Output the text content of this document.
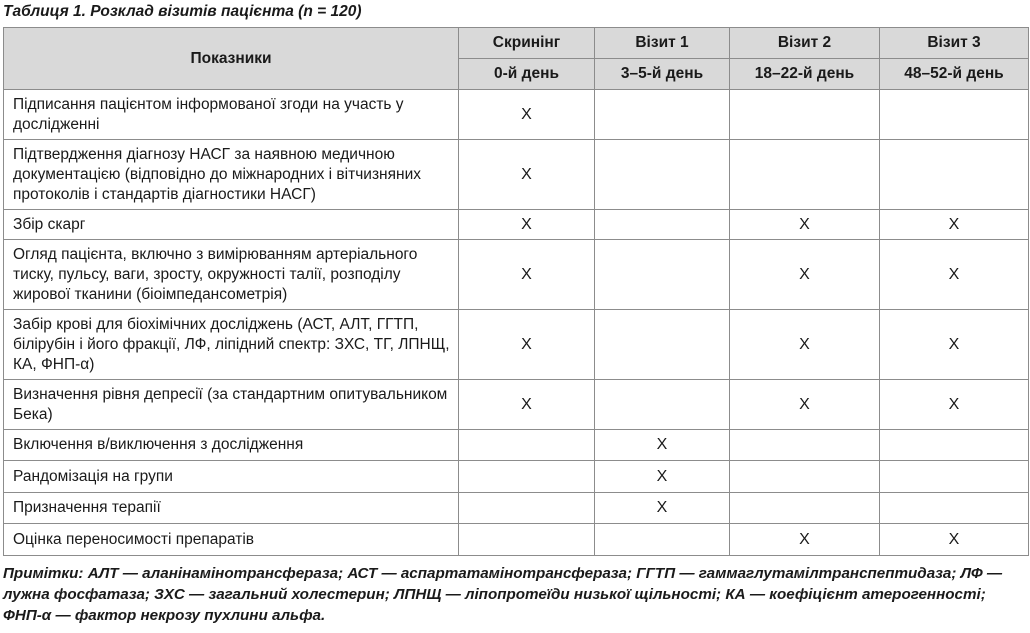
Таблиця 1. Розклад візитів пацієнта (n = 120)
Показники	Скринінг	Візит 1	Візит 2	Візит 3
	0-й день	3–5-й день	18–22-й день	48–52-й день
Підписання пацієнтом інформованої згоди на участь у дослідженні	X			
Підтвердження діагнозу НАСГ за наявною медичною документацією (відповідно до міжнародних і вітчизняних протоколів і стандартів діагностики НАСГ)	X			
Збір скарг	X		X	X
Огляд пацієнта, включно з вимірюванням артеріального тиску, пульсу, ваги, зросту, окружності талії, розподілу жирової тканини (біоімпедансометрія)	X		X	X
Забір крові для біохімічних досліджень (АСТ, АЛТ, ГГТП, білірубін і його фракції, ЛФ, ліпідний спектр: ЗХС, ТГ, ЛПНЩ, КА, ФНП-α)	X		X	X
Визначення рівня депресії (за стандартним опитувальником Бека)	X		X	X
Включення в/виключення з дослідження		X		
Рандомізація на групи		X		
Призначення терапії		X		
Оцінка переносимості препаратів			X	X
Примітки: АЛТ — аланінамінотрансфераза; АСТ — аспартатамінотрансфераза; ГГТП — гаммаглутамілтранспептидаза; ЛФ — лужна фосфатаза; ЗХС — загальний холестерин; ЛПНЩ — ліпопротеїди низької щільності; КА — коефіцієнт атерогенності; ФНП-α — фактор некрозу пухлини альфа.
